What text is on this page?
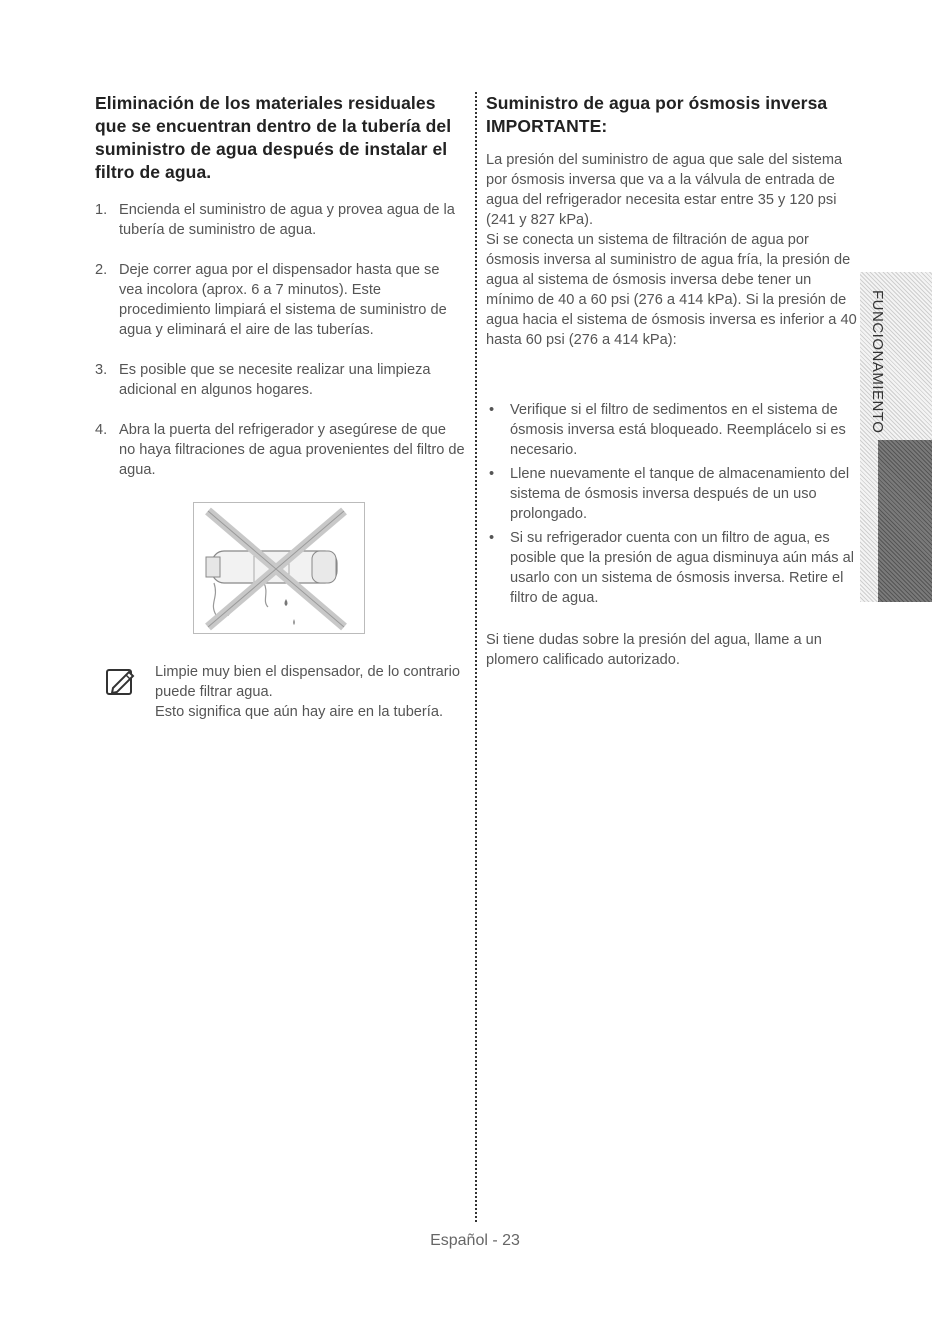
Eliminación de los materiales residuales que se encuentran dentro de la tubería del suministro de agua después de instalar el filtro de agua.
1. Encienda el suministro de agua y provea agua de la tubería de suministro de agua.
2. Deje correr agua por el dispensador hasta que se vea incolora (aprox. 6 a 7 minutos). Este procedimiento limpiará el sistema de suministro de agua y eliminará el aire de las tuberías.
3. Es posible que se necesite realizar una limpieza adicional en algunos hogares.
4. Abra la puerta del refrigerador y asegúrese de que no haya filtraciones de agua provenientes del filtro de agua.

Limpie muy bien el dispensador, de lo contrario puede filtrar agua.

Esto significa que aún hay aire en la tubería.

Suministro de agua por ósmosis inversa IMPORTANTE:

La presión del suministro de agua que sale del sistema por ósmosis inversa que va a la válvula de entrada de agua del refrigerador necesita estar entre 35 y 120 psi (241 y 827 kPa).

Si se conecta un sistema de filtración de agua por ósmosis inversa al suministro de agua fría, la presión de agua al sistema de ósmosis inversa debe tener un mínimo de 40 a 60 psi (276 a 414 kPa). Si la presión de agua hacia el sistema de ósmosis inversa es inferior a 40 hasta 60 psi (276 a 414 kPa):

• Verifique si el filtro de sedimentos en el sistema de ósmosis inversa está bloqueado. Reemplácelo si es necesario.
• Llene nuevamente el tanque de almacenamiento del sistema de ósmosis inversa después de un uso prolongado.
• Si su refrigerador cuenta con un filtro de agua, es posible que la presión de agua disminuya aún más al usarlo con un sistema de ósmosis inversa. Retire el filtro de agua.

Si tiene dudas sobre la presión del agua, llame a un plomero calificado autorizado.

FUNCIONAMIENTO
Español - 23
